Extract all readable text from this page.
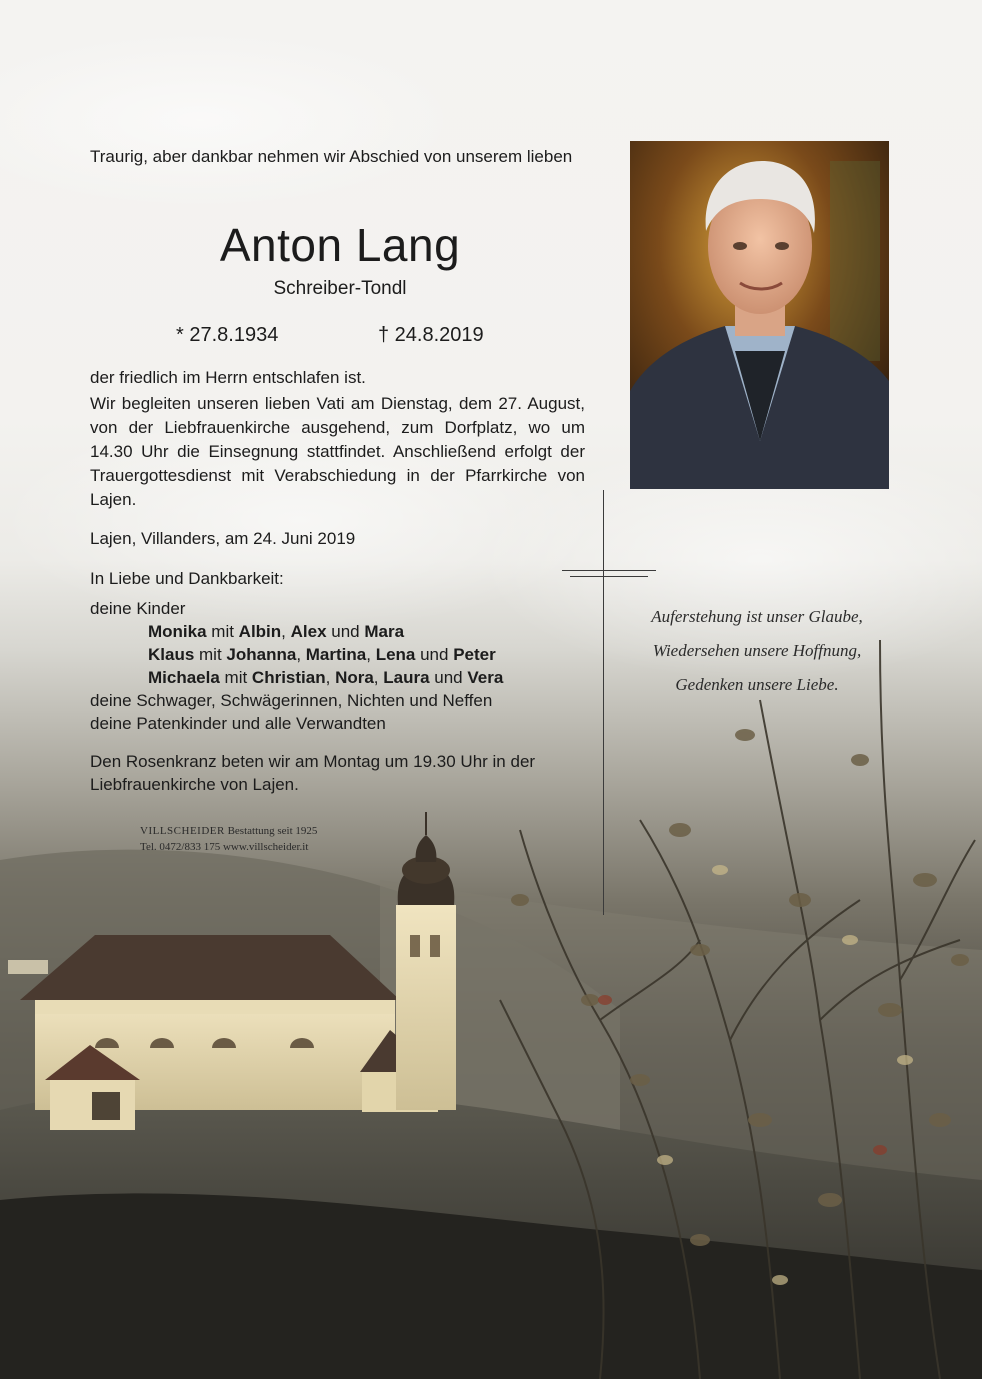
Traurig, aber dankbar nehmen wir Abschied von unserem lieben

Anton Lang

Schreiber-Tondl

* 27.8.1934	† 24.8.2019

der friedlich im Herrn entschlafen ist.

Wir begleiten unseren lieben Vati am Dienstag, dem 27. August, von der Liebfrauenkirche ausgehend, zum Dorfplatz, wo um 14.30 Uhr die Einsegnung stattfindet. Anschließend erfolgt der Trauergottesdienst mit Verabschiedung in der Pfarrkirche von Lajen.

Lajen, Villanders, am 24. Juni 2019

In Liebe und Dankbarkeit:
deine Kinder
Monika mit Albin, Alex und Mara
Klaus mit Johanna, Martina, Lena und Peter
Michaela mit Christian, Nora, Laura und Vera
deine Schwager, Schwägerinnen, Nichten und Neffen
deine Patenkinder und alle Verwandten

Den Rosenkranz beten wir am Montag um 19.30 Uhr in der Liebfrauenkirche von Lajen.

VILLSCHEIDER Bestattung seit 1925
Tel. 0472/833 175 www.villscheider.it
Auferstehung ist unser Glaube,
Wiedersehen unsere Hoffnung,
Gedenken unsere Liebe.
